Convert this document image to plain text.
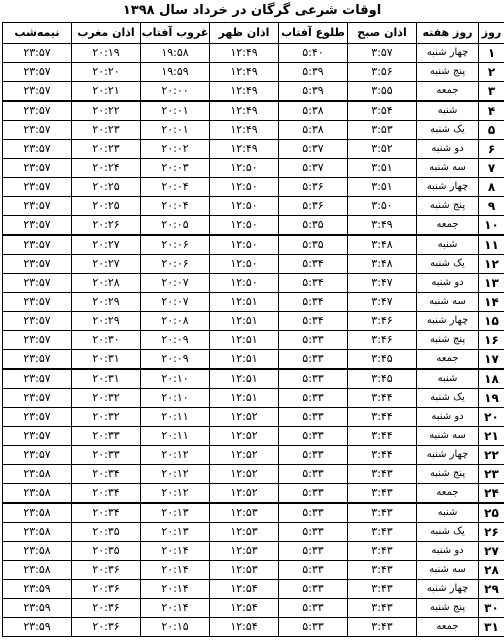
اوقات شرعی گرگان در خرداد سال ۱۳۹۸
روز	روز هفته	اذان صبح	طلوع آفتاب	اذان ظهر	غروب آفتاب	اذان مغرب	نیمه‌شب
۱	چهار شنبه	۳:۵۷	۵:۴۰	۱۲:۴۹	۱۹:۵۸	۲۰:۱۹	۲۳:۵۷
۲	پنج شنبه	۳:۵۶	۵:۳۹	۱۲:۴۹	۱۹:۵۹	۲۰:۲۰	۲۳:۵۷
۳	جمعه	۳:۵۵	۵:۳۹	۱۲:۴۹	۲۰:۰۰	۲۰:۲۱	۲۳:۵۷
۴	شنبه	۳:۵۴	۵:۳۸	۱۲:۴۹	۲۰:۰۱	۲۰:۲۲	۲۳:۵۷
۵	یک شنبه	۳:۵۳	۵:۳۸	۱۲:۴۹	۲۰:۰۱	۲۰:۲۳	۲۳:۵۷
۶	دو شنبه	۳:۵۲	۵:۳۷	۱۲:۴۹	۲۰:۰۲	۲۰:۲۳	۲۳:۵۷
۷	سه شنبه	۳:۵۱	۵:۳۷	۱۲:۵۰	۲۰:۰۳	۲۰:۲۴	۲۳:۵۷
۸	چهار شنبه	۳:۵۱	۵:۳۶	۱۲:۵۰	۲۰:۰۴	۲۰:۲۵	۲۳:۵۷
۹	پنج شنبه	۳:۵۰	۵:۳۶	۱۲:۵۰	۲۰:۰۴	۲۰:۲۵	۲۳:۵۷
۱۰	جمعه	۳:۴۹	۵:۳۵	۱۲:۵۰	۲۰:۰۵	۲۰:۲۶	۲۳:۵۷
۱۱	شنبه	۳:۴۸	۵:۳۵	۱۲:۵۰	۲۰:۰۶	۲۰:۲۷	۲۳:۵۷
۱۲	یک شنبه	۳:۴۸	۵:۳۴	۱۲:۵۰	۲۰:۰۶	۲۰:۲۷	۲۳:۵۷
۱۳	دو شنبه	۳:۴۷	۵:۳۴	۱۲:۵۰	۲۰:۰۷	۲۰:۲۸	۲۳:۵۷
۱۴	سه شنبه	۳:۴۷	۵:۳۴	۱۲:۵۱	۲۰:۰۷	۲۰:۲۹	۲۳:۵۷
۱۵	چهار شنبه	۳:۴۶	۵:۳۴	۱۲:۵۱	۲۰:۰۸	۲۰:۲۹	۲۳:۵۷
۱۶	پنج شنبه	۳:۴۶	۵:۳۳	۱۲:۵۱	۲۰:۰۹	۲۰:۳۰	۲۳:۵۷
۱۷	جمعه	۳:۴۵	۵:۳۳	۱۲:۵۱	۲۰:۰۹	۲۰:۳۱	۲۳:۵۷
۱۸	شنبه	۳:۴۵	۵:۳۳	۱۲:۵۱	۲۰:۱۰	۲۰:۳۱	۲۳:۵۷
۱۹	یک شنبه	۳:۴۴	۵:۳۳	۱۲:۵۱	۲۰:۱۰	۲۰:۳۲	۲۳:۵۷
۲۰	دو شنبه	۳:۴۴	۵:۳۳	۱۲:۵۲	۲۰:۱۱	۲۰:۳۲	۲۳:۵۷
۲۱	سه شنبه	۳:۴۴	۵:۳۳	۱۲:۵۲	۲۰:۱۱	۲۰:۳۳	۲۳:۵۷
۲۲	چهار شنبه	۳:۴۴	۵:۳۳	۱۲:۵۲	۲۰:۱۲	۲۰:۳۳	۲۳:۵۷
۲۳	پنج شنبه	۳:۴۳	۵:۳۳	۱۲:۵۲	۲۰:۱۲	۲۰:۳۴	۲۳:۵۸
۲۴	جمعه	۳:۴۳	۵:۳۳	۱۲:۵۲	۲۰:۱۲	۲۰:۳۴	۲۳:۵۸
۲۵	شنبه	۳:۴۳	۵:۳۳	۱۲:۵۳	۲۰:۱۳	۲۰:۳۴	۲۳:۵۸
۲۶	یک شنبه	۳:۴۳	۵:۳۳	۱۲:۵۳	۲۰:۱۳	۲۰:۳۵	۲۳:۵۸
۲۷	دو شنبه	۳:۴۳	۵:۳۳	۱۲:۵۳	۲۰:۱۴	۲۰:۳۵	۲۳:۵۸
۲۸	سه شنبه	۳:۴۳	۵:۳۳	۱۲:۵۳	۲۰:۱۴	۲۰:۳۶	۲۳:۵۸
۲۹	چهار شنبه	۳:۴۳	۵:۳۳	۱۲:۵۴	۲۰:۱۴	۲۰:۳۶	۲۳:۵۹
۳۰	پنج شنبه	۳:۴۳	۵:۳۳	۱۲:۵۴	۲۰:۱۴	۲۰:۳۶	۲۳:۵۹
۳۱	جمعه	۳:۴۳	۵:۳۳	۱۲:۵۴	۲۰:۱۵	۲۰:۳۶	۲۳:۵۹
